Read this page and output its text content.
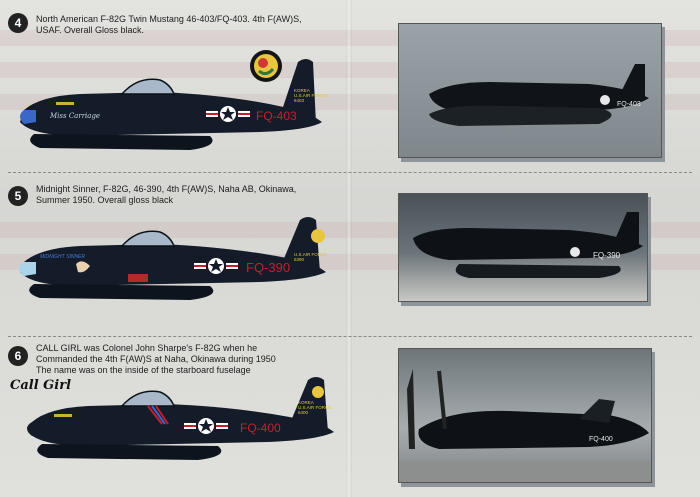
4	North American F-82G Twin Mustang 46-403/FQ-403. 4th F(AW)S,
USAF. Overall Gloss black.
FQ-403
Miss Carriage
KOREA U.S.AIR FORCE 6403
FQ-403
5	Midnight Sinner, F-82G, 46-390, 4th F(AW)S, Naha AB, Okinawa,
Summer 1950. Overall gloss black
FQ-390
MIDNIGHT SINNER	U.S.AIR FORCE 6390	FQ-390
6
CALL GIRL was Colonel John Sharpe's F-82G when he
Commanded the 4th F(AW)S at Naha, Okinawa during 1950
The name was on the inside of the starboard fuselage
Call Girl
FQ-400
KOREA U.S.AIR FORCE 6400
FQ-400
